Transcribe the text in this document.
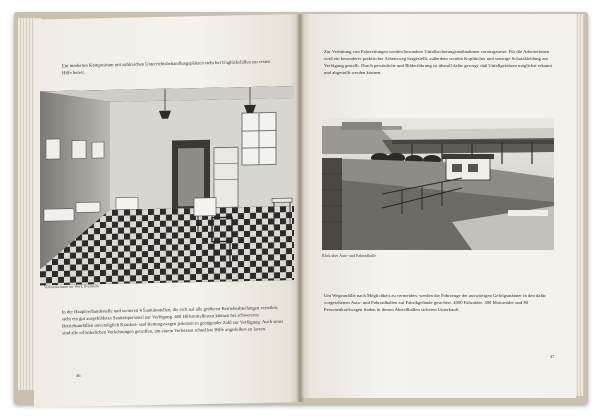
Ein modernes Kompositum mit zahlreichen Unterrichtsbehandlungsplätzen steht bei Unglücksfällen zur ersten Hilfe bereit.
Verbandsräume im Werk Ilvesheim
In der Hauptverbandsstelle und weiteren 4 Sanitätsstellen, die sich auf alle größeren Betriebsabteilungen verteilen, steht ein gut ausgebildetes Sanitätspersonal zur Verfügung. 400 Hilfsmittelkisten können bei schwereren Betriebsunfällen unverzüglich Kranken- und Rettungswagen jederzeit in genügender Zahl zur Verfügung. Auch sonst sind alle erforderlichen Vorkehrungen getroffen, um einem Verletzten schnellste Hilfe angedeihen zu lassen.
46
Zur Verhütung von Fahrzeitungen werden besondere Unfallsicherungsmaßnahmen vorausgesetzt. Für die Arbeiterinnen wird ein besonderer praktischer Arbeitsweg hergestellt, außerdem werden Kopftücher und sonstige Schutzkleidung zur Verfügung gestellt. Durch persönliche und Bilderführung ist überall dafür gesorgt, daß Unfallgefahren möglichst erkannt und abgestellt werden können.
Blick über Auto- und Fahrradhalle
Um Wegeunfälle nach Möglichkeit zu vermeiden, werden die Fahrzeuge der auswärtigen Gefolgsmänner in den dafür vorgesehenen Auto- und Fahrradhallen auf Fabrikgelände gesichert. 4000 Fahrräder, 300 Motorräder und 80 Personenkraftwagen finden in diesen Abstellhallen sicheren Unterkunft.
47
